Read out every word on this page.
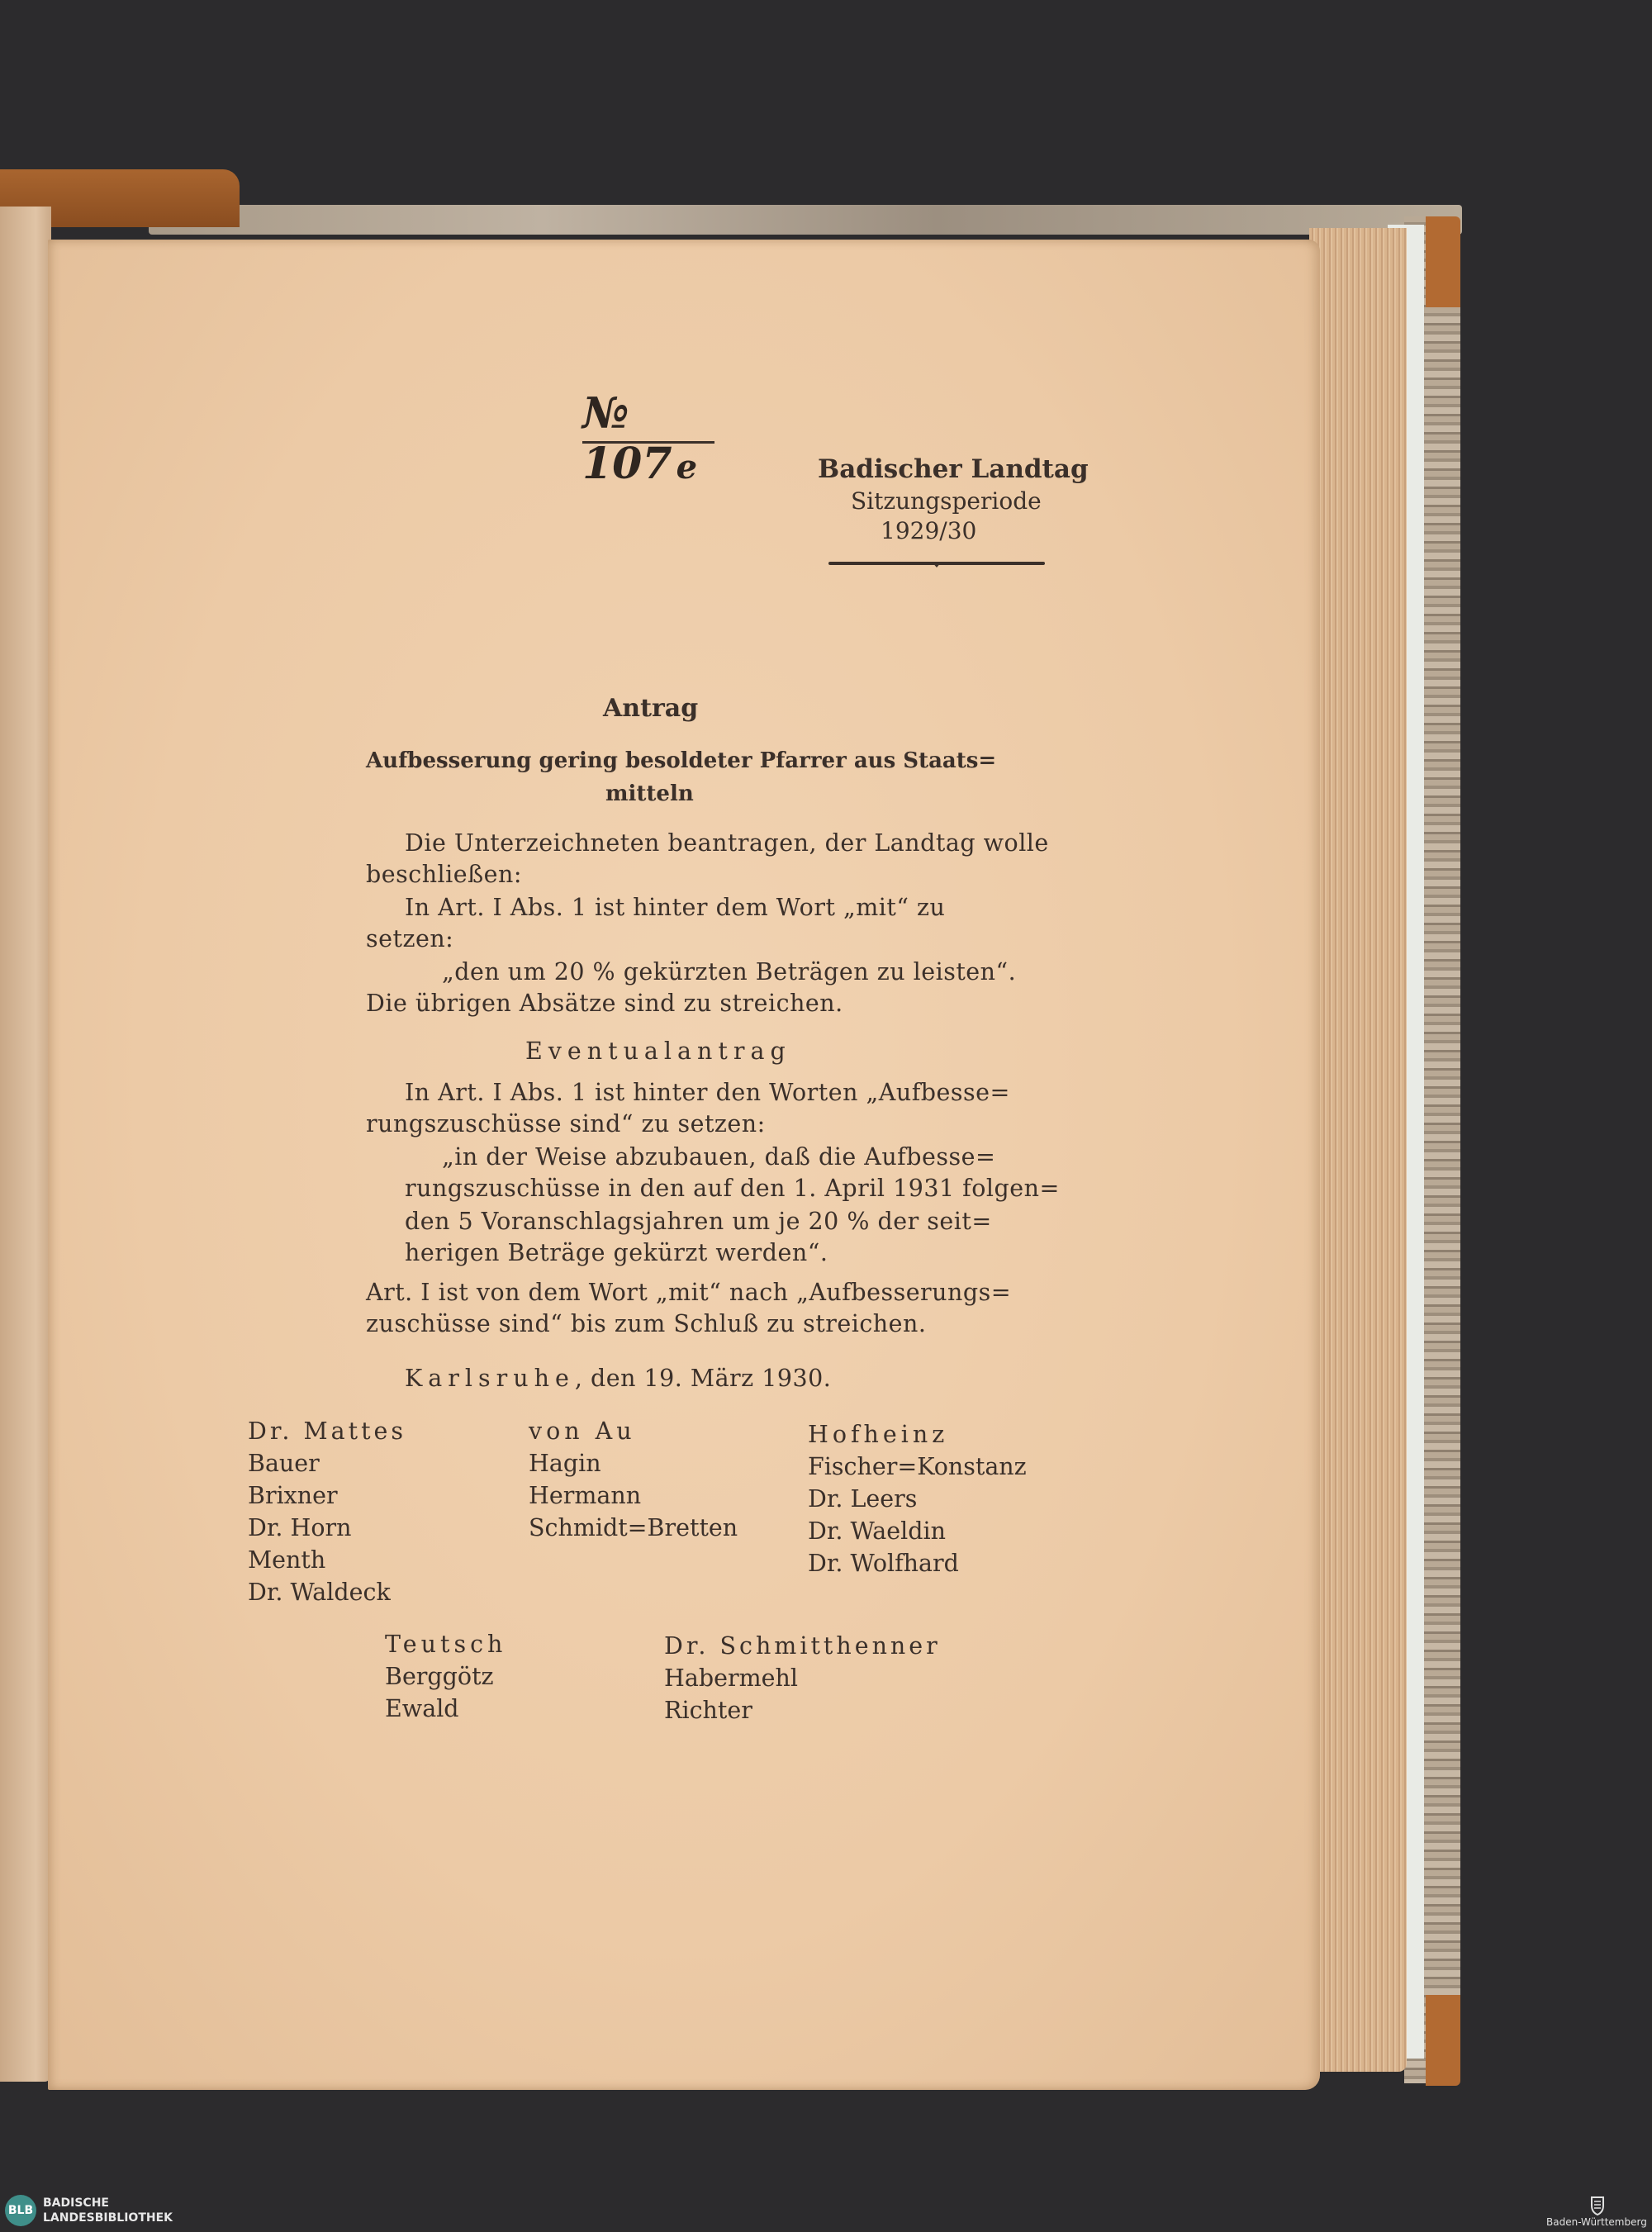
№ 107 e	Badischer Landtag
Sitzungsperiode
1929/30
Antrag
Aufbesserung gering besoldeter Pfarrer aus Staats=
mitteln
Die Unterzeichneten beantragen, der Landtag wolle
beschließen:
In Art. I Abs. 1 ist hinter dem Wort „mit“ zu
setzen:
„den um 20 % gekürzten Beträgen zu leisten“.
Die übrigen Absätze sind zu streichen.
Eventualantrag
In Art. I Abs. 1 ist hinter den Worten „Aufbesse=
rungszuschüsse sind“ zu setzen:
„in der Weise abzubauen, daß die Aufbesse=
rungszuschüsse in den auf den 1. April 1931 folgen=
den 5 Voranschlagsjahren um je 20 % der seit=
herigen Beträge gekürzt werden“.
Art. I ist von dem Wort „mit“ nach „Aufbesserungs=
zuschüsse sind“ bis zum Schluß zu streichen.
Karlsruhe, den 19. März 1930.
Dr. Mattes
Bauer
Brixner
Dr. Horn
Menth
Dr. Waldeck
von Au
Hagin
Hermann
Schmidt=Bretten
Hofheinz
Fischer=Konstanz
Dr. Leers
Dr. Waeldin
Dr. Wolfhard
Teutsch
Berggötz
Ewald
Dr. Schmitthenner
Habermehl
Richter
BLB
BADISCHE
LANDESBIBLIOTHEK	Baden-Württemberg
